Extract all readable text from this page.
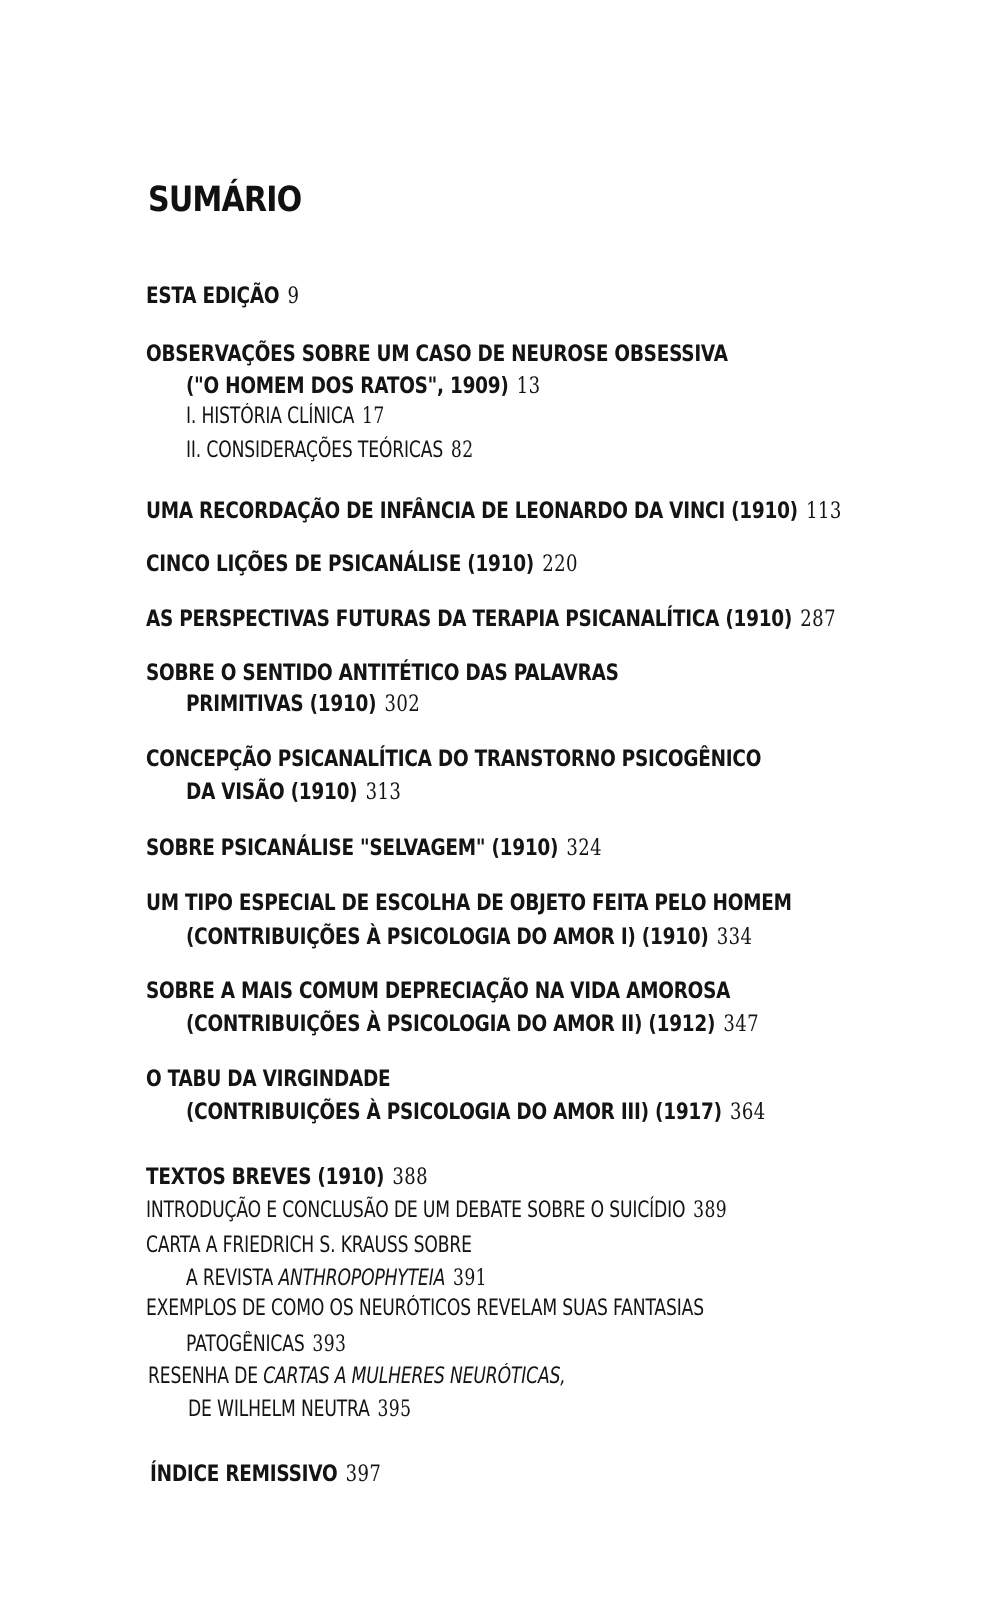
SUMÁRIO
ESTA EDIÇÃO 9
OBSERVAÇÕES SOBRE UM CASO DE NEUROSE OBSESSIVA
("O HOMEM DOS RATOS", 1909) 13
I. HISTÓRIA CLÍNICA 17
II. CONSIDERAÇÕES TEÓRICAS 82
UMA RECORDAÇÃO DE INFÂNCIA DE LEONARDO DA VINCI (1910) 113
CINCO LIÇÕES DE PSICANÁLISE (1910) 220
AS PERSPECTIVAS FUTURAS DA TERAPIA PSICANALÍTICA (1910) 287
SOBRE O SENTIDO ANTITÉTICO DAS PALAVRAS
PRIMITIVAS (1910) 302
CONCEPÇÃO PSICANALÍTICA DO TRANSTORNO PSICOGÊNICO
DA VISÃO (1910) 313
SOBRE PSICANÁLISE "SELVAGEM" (1910) 324
UM TIPO ESPECIAL DE ESCOLHA DE OBJETO FEITA PELO HOMEM
(CONTRIBUIÇÕES À PSICOLOGIA DO AMOR I) (1910) 334
SOBRE A MAIS COMUM DEPRECIAÇÃO NA VIDA AMOROSA
(CONTRIBUIÇÕES À PSICOLOGIA DO AMOR II) (1912) 347
O TABU DA VIRGINDADE
(CONTRIBUIÇÕES À PSICOLOGIA DO AMOR III) (1917) 364
TEXTOS BREVES (1910) 388
INTRODUÇÃO E CONCLUSÃO DE UM DEBATE SOBRE O SUICÍDIO 389
CARTA A FRIEDRICH S. KRAUSS SOBRE
A REVISTA ANTHROPOPHYTEIA 391
EXEMPLOS DE COMO OS NEURÓTICOS REVELAM SUAS FANTASIAS
PATOGÊNICAS 393
RESENHA DE CARTAS A MULHERES NEURÓTICAS,
DE WILHELM NEUTRA 395
ÍNDICE REMISSIVO 397
